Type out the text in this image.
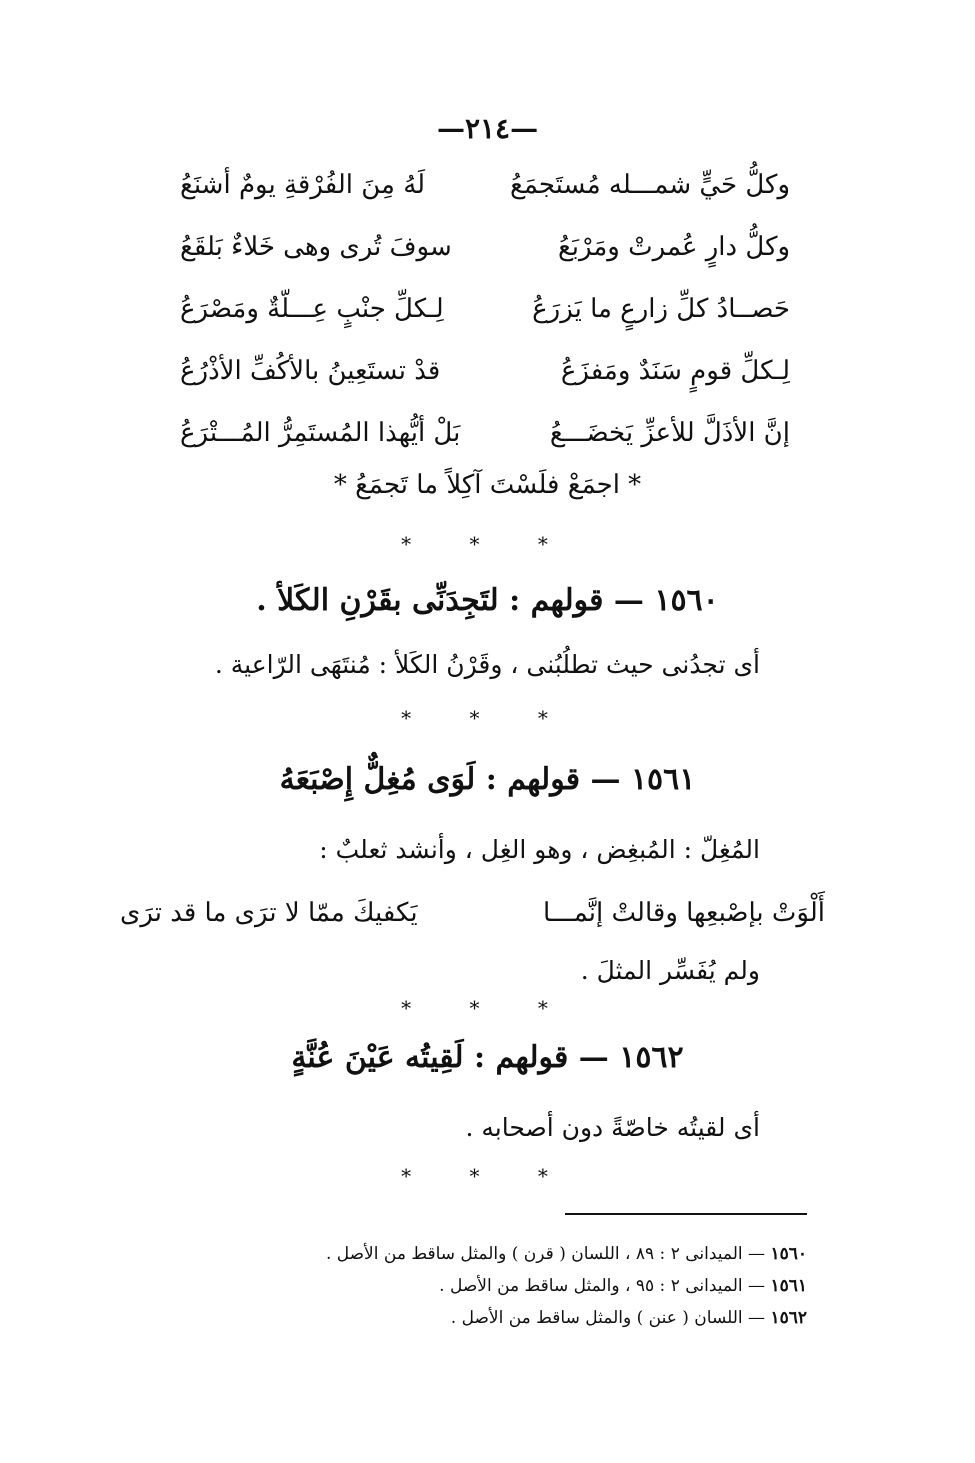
—٢١٤—
وكلُّ حَيٍّ شمـــله مُستَجمَعُ
لَهُ مِنَ الفُرْقةِ يومٌ أشنَعُ
وكلُّ دارٍ عُمرتْ ومَرْبَعُ
سوفَ تُرى وهى خَلاءٌ بَلقَعُ
حَصــادُ كلِّ زارعٍ ما يَزرَعُ
لِـكلِّ جنْبٍ عِـــلّةٌ ومَصْرَعُ
لِـكلِّ قومٍ سَنَدٌ ومَفزَعُ
قدْ تستَعِينُ بالأكُفِّ الأذْرُعُ
إنَّ الأذَلَّ للأعزِّ يَخضَـــعُ
بَلْ أيُّهذا المُستَمِرُّ المُـــتْرَعُ
* اجمَعْ فلَسْتَ آكِلاً ما تَجمَعُ *
* * *
١٥٦٠ — قولهم : لتَجِدَنِّى بقَرْنِ الكَلأ .
أى تجدُنى حيث تطلُبُنى ، وقَرْنُ الكَلأ : مُنتَهَى الرّاعية .
* * *
١٥٦١ — قولهم : لَوَى مُغِلٌّ إِصْبَعَهُ
المُغِلّ : المُبغِض ، وهو الغِل ، وأنشد ثعلبٌ :
أَلْوَتْ بإصْبعِها وقالتْ إنَّمـــا
يَكفيكَ ممّا لا ترَى ما قد ترَى
ولم يُفَسِّر المثلَ .
* * *
١٥٦٢ — قولهم : لَقِيتُه عَيْنَ عُنَّةٍ
أى لقيتُه خاصّةً دون أصحابه .
* * *
١٥٦٠ — الميدانى ٢ : ٨٩ ، اللسان ( قرن ) والمثل ساقط من الأصل .
١٥٦١ — الميدانى ٢ : ٩٥ ، والمثل ساقط من الأصل .
١٥٦٢ — اللسان ( عنن ) والمثل ساقط من الأصل .
